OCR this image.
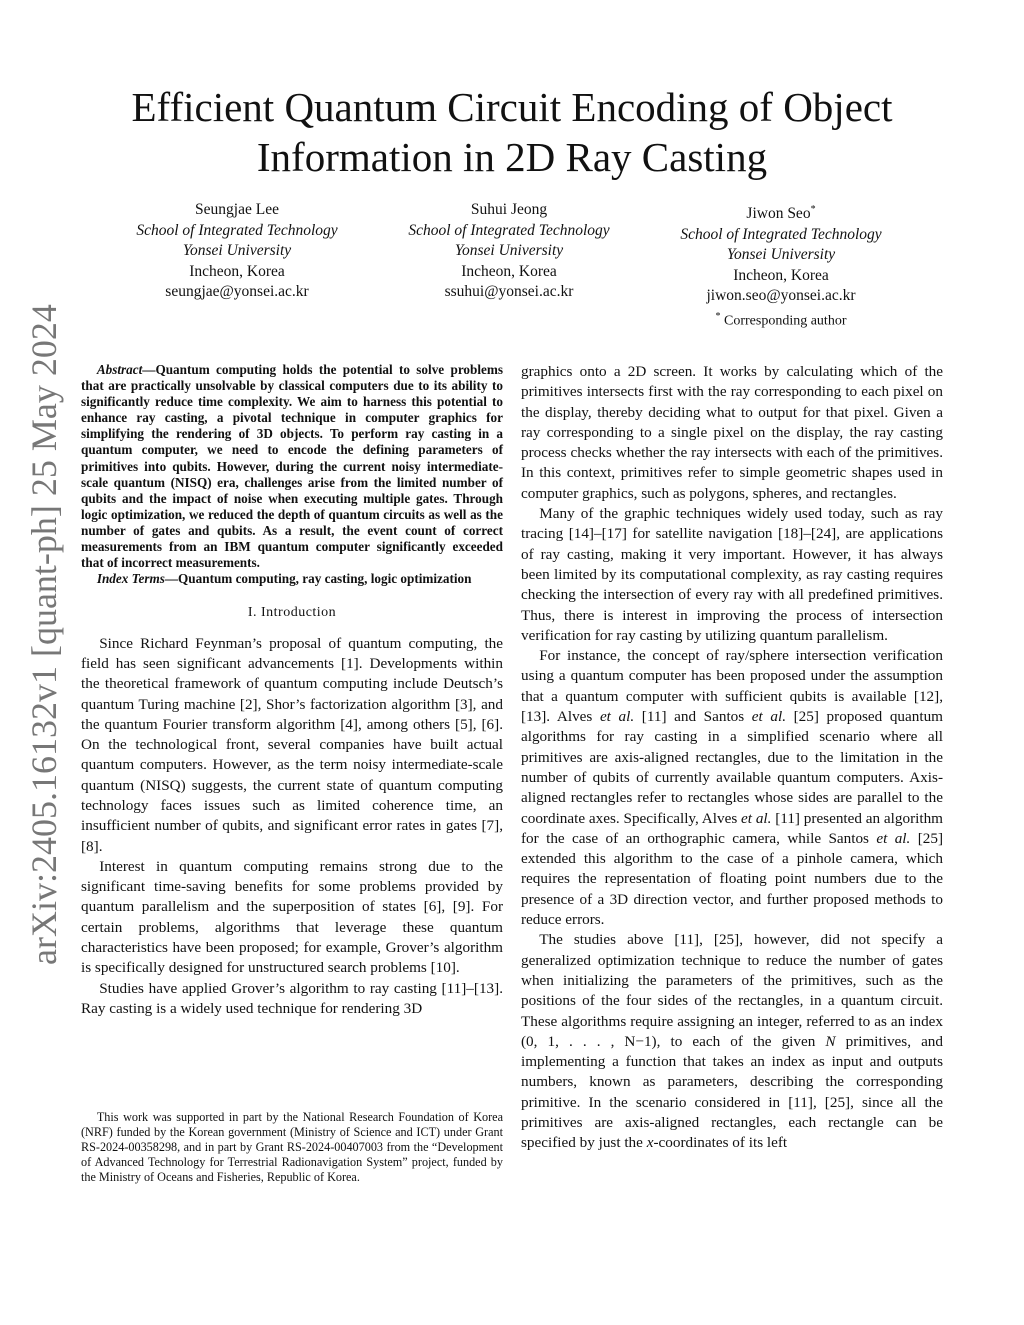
arXiv:2405.16132v1 [quant-ph] 25 May 2024
Efficient Quantum Circuit Encoding of Object
Information in 2D Ray Casting
Seungjae Lee
School of Integrated Technology
Yonsei University
Incheon, Korea
seungjae@yonsei.ac.kr
Suhui Jeong
School of Integrated Technology
Yonsei University
Incheon, Korea
ssuhui@yonsei.ac.kr
Jiwon Seo*
School of Integrated Technology
Yonsei University
Incheon, Korea
jiwon.seo@yonsei.ac.kr
* Corresponding author

Abstract—Quantum computing holds the potential to solve problems that are practically unsolvable by classical computers due to its ability to significantly reduce time complexity. We aim to harness this potential to enhance ray casting, a pivotal technique in computer graphics for simplifying the rendering of 3D objects. To perform ray casting in a quantum computer, we need to encode the defining parameters of primitives into qubits. However, during the current noisy intermediate-scale quantum (NISQ) era, challenges arise from the limited number of qubits and the impact of noise when executing multiple gates. Through logic optimization, we reduced the depth of quantum circuits as well as the number of gates and qubits. As a result, the event count of correct measurements from an IBM quantum computer significantly exceeded that of incorrect measurements.

Index Terms—Quantum computing, ray casting, logic optimization

I. Introduction

Since Richard Feynman’s proposal of quantum computing, the field has seen significant advancements [1]. Developments within the theoretical framework of quantum computing include Deutsch’s quantum Turing machine [2], Shor’s factorization algorithm [3], and the quantum Fourier transform algorithm [4], among others [5], [6]. On the technological front, several companies have built actual quantum computers. However, as the term noisy intermediate-scale quantum (NISQ) suggests, the current state of quantum computing technology faces issues such as limited coherence time, an insufficient number of qubits, and significant error rates in gates [7], [8].

Interest in quantum computing remains strong due to the significant time-saving benefits for some problems provided by quantum parallelism and the superposition of states [6], [9]. For certain problems, algorithms that leverage these quantum characteristics have been proposed; for example, Grover’s algorithm is specifically designed for unstructured search problems [10].

Studies have applied Grover’s algorithm to ray casting [11]–[13]. Ray casting is a widely used technique for rendering 3D

This work was supported in part by the National Research Foundation of Korea (NRF) funded by the Korean government (Ministry of Science and ICT) under Grant RS-2024-00358298, and in part by Grant RS-2024-00407003 from the “Development of Advanced Technology for Terrestrial Radionavigation System” project, funded by the Ministry of Oceans and Fisheries, Republic of Korea.

graphics onto a 2D screen. It works by calculating which of the primitives intersects first with the ray corresponding to each pixel on the display, thereby deciding what to output for that pixel. Given a ray corresponding to a single pixel on the display, the ray casting process checks whether the ray intersects with each of the primitives. In this context, primitives refer to simple geometric shapes used in computer graphics, such as polygons, spheres, and rectangles.

Many of the graphic techniques widely used today, such as ray tracing [14]–[17] for satellite navigation [18]–[24], are applications of ray casting, making it very important. However, it has always been limited by its computational complexity, as ray casting requires checking the intersection of every ray with all predefined primitives. Thus, there is interest in improving the process of intersection verification for ray casting by utilizing quantum parallelism.

For instance, the concept of ray/sphere intersection verification using a quantum computer has been proposed under the assumption that a quantum computer with sufficient qubits is available [12], [13]. Alves et al. [11] and Santos et al. [25] proposed quantum algorithms for ray casting in a simplified scenario where all primitives are axis-aligned rectangles, due to the limitation in the number of qubits of currently available quantum computers. Axis-aligned rectangles refer to rectangles whose sides are parallel to the coordinate axes. Specifically, Alves et al. [11] presented an algorithm for the case of an orthographic camera, while Santos et al. [25] extended this algorithm to the case of a pinhole camera, which requires the representation of floating point numbers due to the presence of a 3D direction vector, and further proposed methods to reduce errors.

The studies above [11], [25], however, did not specify a generalized optimization technique to reduce the number of gates when initializing the parameters of the primitives, such as the positions of the four sides of the rectangles, in a quantum circuit. These algorithms require assigning an integer, referred to as an index (0, 1, . . . , N−1), to each of the given N primitives, and implementing a function that takes an index as input and outputs numbers, known as parameters, describing the corresponding primitive. In the scenario considered in [11], [25], since all the primitives are axis-aligned rectangles, each rectangle can be specified by just the x-coordinates of its left
